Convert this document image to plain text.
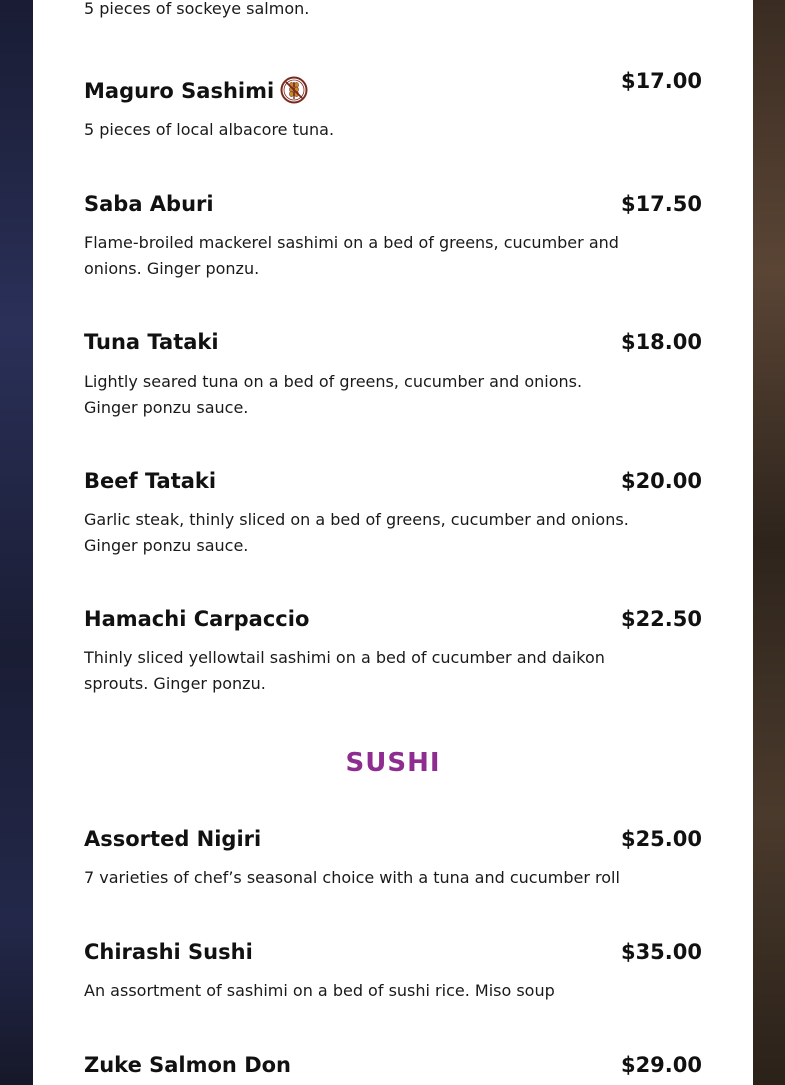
5 pieces of sockeye salmon.
Maguro Sashimi	$17.00
5 pieces of local albacore tuna.
Saba Aburi	$17.50
Flame-broiled mackerel sashimi on a bed of greens, cucumber and onions. Ginger ponzu.
Tuna Tataki	$18.00
Lightly seared tuna on a bed of greens, cucumber and onions. Ginger ponzu sauce.
Beef Tataki	$20.00
Garlic steak, thinly sliced on a bed of greens, cucumber and onions. Ginger ponzu sauce.
Hamachi Carpaccio	$22.50
Thinly sliced yellowtail sashimi on a bed of cucumber and daikon sprouts. Ginger ponzu.
SUSHI
Assorted Nigiri	$25.00
7 varieties of chef’s seasonal choice with a tuna and cucumber roll
Chirashi Sushi	$35.00
An assortment of sashimi on a bed of sushi rice. Miso soup
Zuke Salmon Don	$29.00
